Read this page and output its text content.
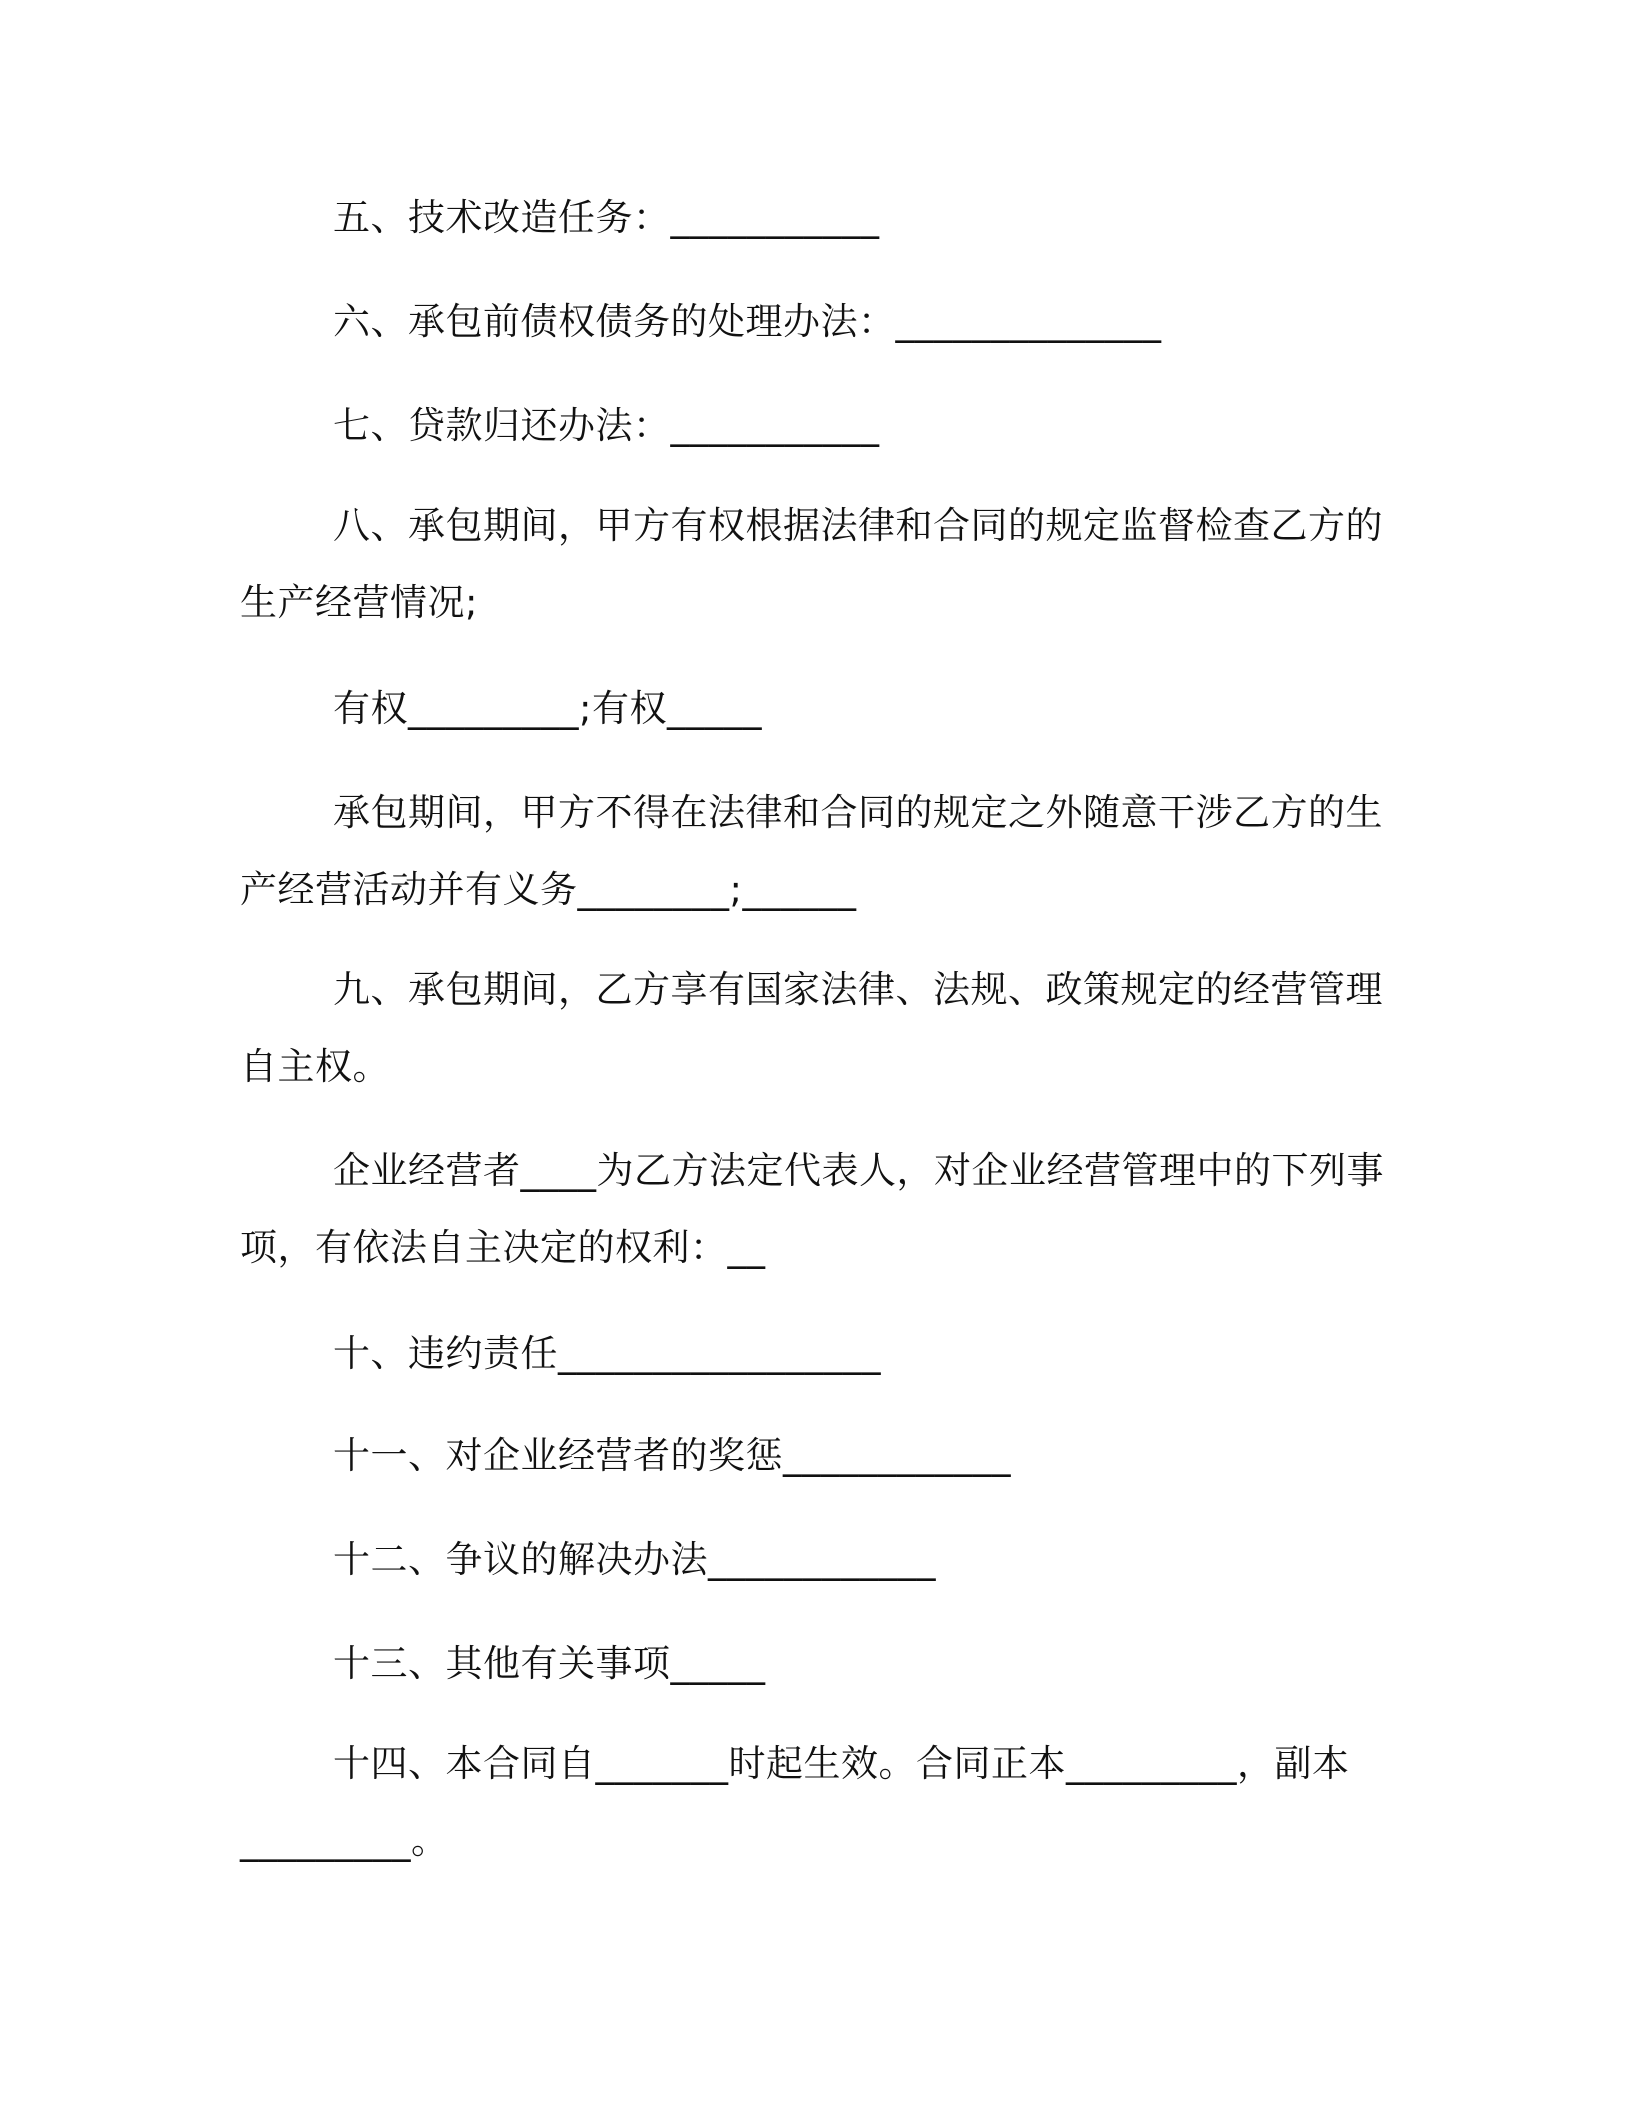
五、技术改造任务：___________
六、承包前债权债务的处理办法：______________
七、贷款归还办法：___________
八、承包期间，甲方有权根据法律和合同的规定监督检查乙方的
生产经营情况;
有权_________;有权_____
承包期间，甲方不得在法律和合同的规定之外随意干涉乙方的生
产经营活动并有义务________;______
九、承包期间，乙方享有国家法律、法规、政策规定的经营管理
自主权。
企业经营者____为乙方法定代表人，对企业经营管理中的下列事
项，有依法自主决定的权利：__
十、违约责任_________________
十一、对企业经营者的奖惩____________
十二、争议的解决办法____________
十三、其他有关事项_____
十四、本合同自_______时起生效。合同正本_________，副本
_________。
